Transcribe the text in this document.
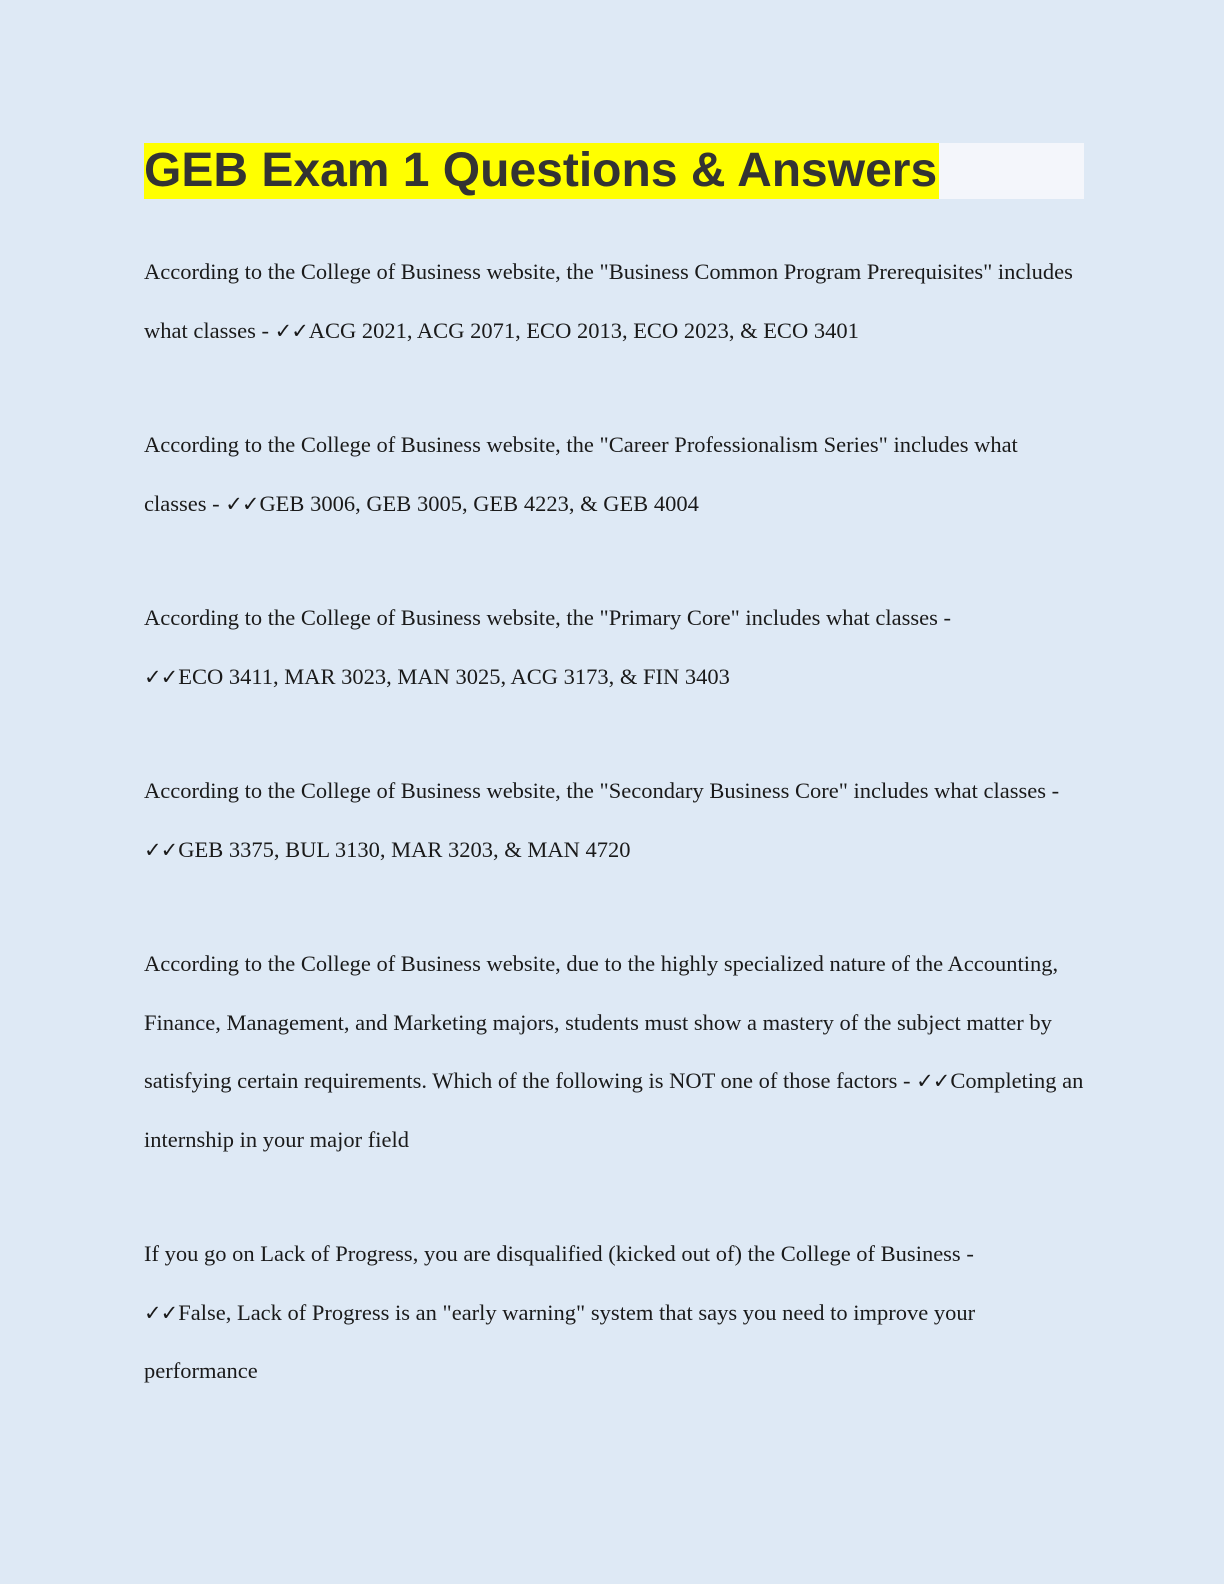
GEB Exam 1 Questions & Answers

According to the College of Business website, the "Business Common Program Prerequisites" includes what classes - ✓✓ACG 2021, ACG 2071, ECO 2013, ECO 2023, & ECO 3401

According to the College of Business website, the "Career Professionalism Series" includes what classes - ✓✓GEB 3006, GEB 3005, GEB 4223, & GEB 4004

According to the College of Business website, the "Primary Core" includes what classes -
✓✓ECO 3411, MAR 3023, MAN 3025, ACG 3173, & FIN 3403

According to the College of Business website, the "Secondary Business Core" includes what classes - ✓✓GEB 3375, BUL 3130, MAR 3203, & MAN 4720

According to the College of Business website, due to the highly specialized nature of the Accounting, Finance, Management, and Marketing majors, students must show a mastery of the subject matter by satisfying certain requirements. Which of the following is NOT one of those factors - ✓✓Completing an internship in your major field

If you go on Lack of Progress, you are disqualified (kicked out of) the College of Business -
✓✓False, Lack of Progress is an "early warning" system that says you need to improve your performance
